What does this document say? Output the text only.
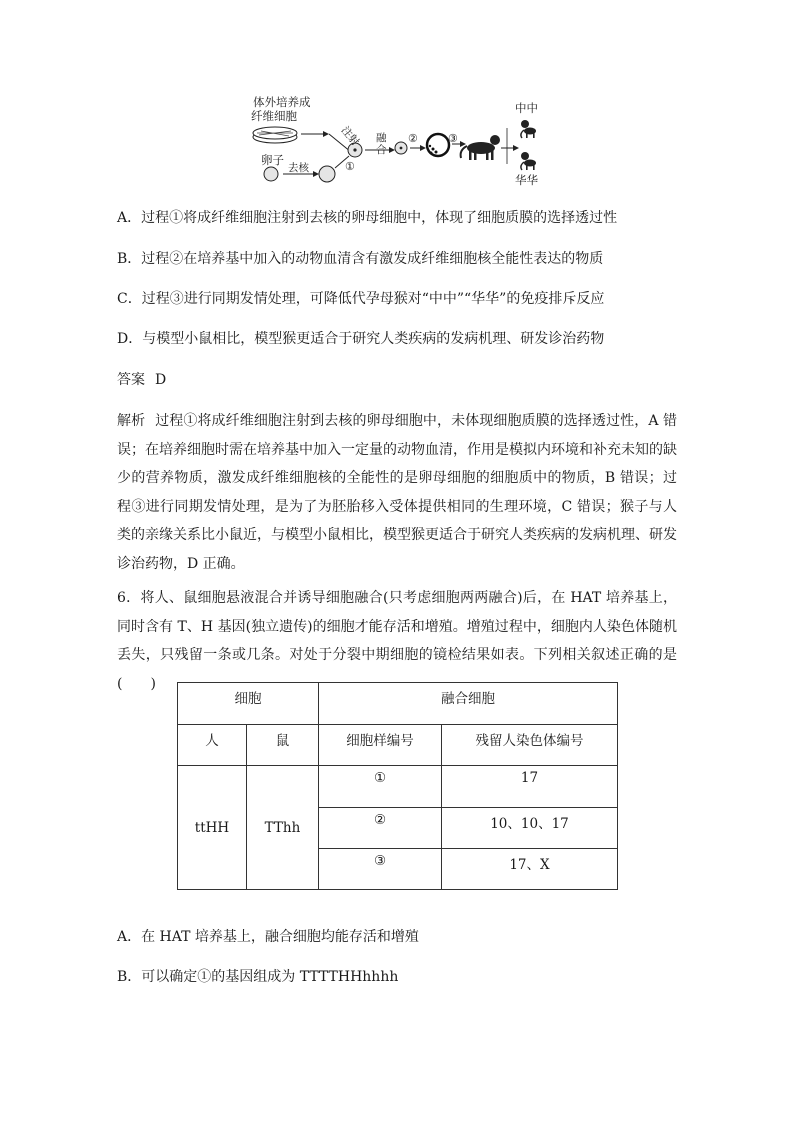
体外培养成
纤维细胞
卵子
去核
注射
①
融合
②	③
中中
华华
A．过程①将成纤维细胞注射到去核的卵母细胞中，体现了细胞质膜的选择透过性
B．过程②在培养基中加入的动物血清含有激发成纤维细胞核全能性表达的物质
C．过程③进行同期发情处理，可降低代孕母猴对“中中”“华华”的免疫排斥反应
D．与模型小鼠相比，模型猴更适合于研究人类疾病的发病机理、研发诊治药物
答案 D
解析 过程①将成纤维细胞注射到去核的卵母细胞中，未体现细胞质膜的选择透过性，A 错误；在培养细胞时需在培养基中加入一定量的动物血清，作用是模拟内环境和补充未知的缺少的营养物质，激发成纤维细胞核的全能性的是卵母细胞的细胞质中的物质，B 错误；过程③进行同期发情处理，是为了为胚胎移入受体提供相同的生理环境，C 错误；猴子与人类的亲缘关系比小鼠近，与模型小鼠相比，模型猴更适合于研究人类疾病的发病机理、研发诊治药物，D 正确。
6．将人、鼠细胞悬液混合并诱导细胞融合(只考虑细胞两两融合)后，在 HAT 培养基上，同时含有 T、H 基因(独立遗传)的细胞才能存活和增殖。增殖过程中，细胞内人染色体随机丢失，只残留一条或几条。对处于分裂中期细胞的镜检结果如表。下列相关叙述正确的是(　　)
细胞		融合细胞	
人	鼠	细胞样编号	残留人染色体编号
ttHH	TThh	①	17
		②	10、10、17
		③	17、X
A．在 HAT 培养基上，融合细胞均能存活和增殖
B．可以确定①的基因组成为 TTTTHHhhhh
